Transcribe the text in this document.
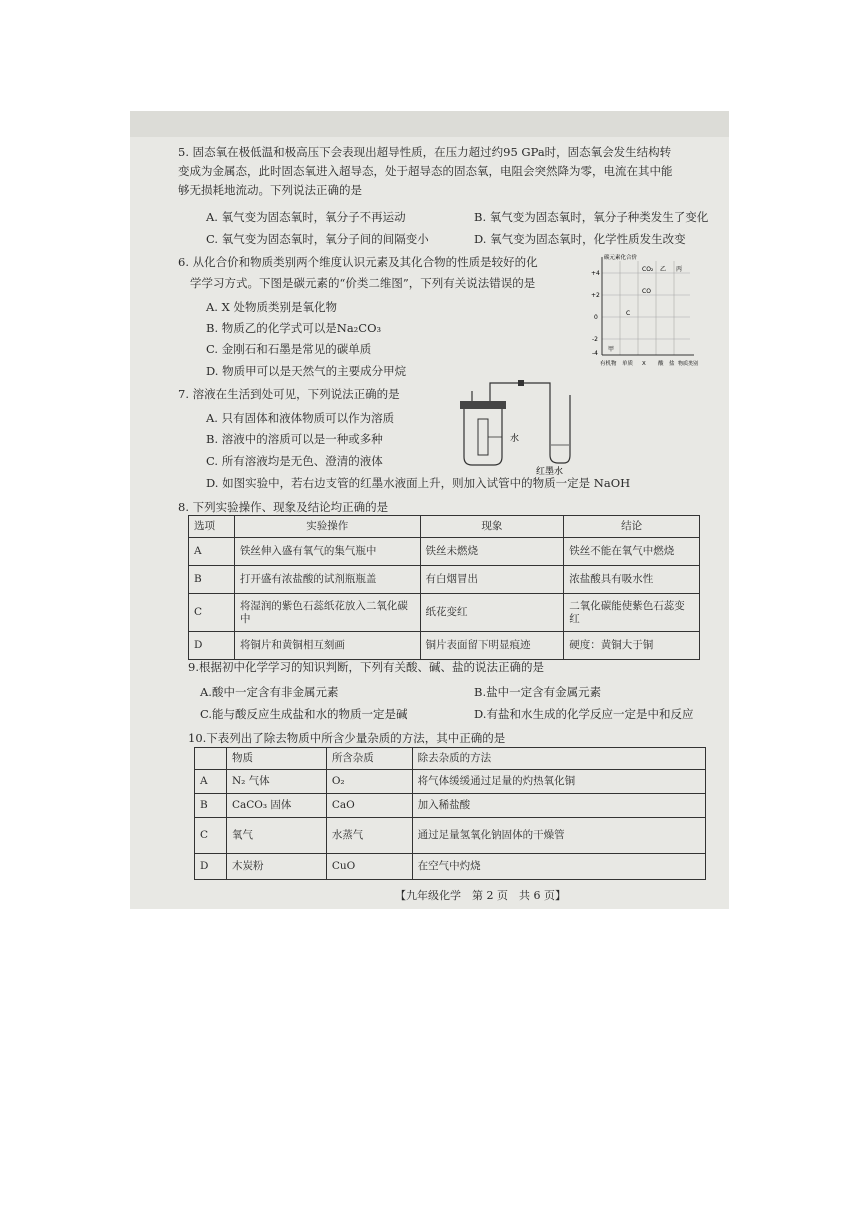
5. 固态氧在极低温和极高压下会表现出超导性质，在压力超过约95 GPa时，固态氧会发生结构转
变成为金属态，此时固态氧进入超导态，处于超导态的固态氧，电阻会突然降为零，电流在其中能
够无损耗地流动。下列说法正确的是
A. 氧气变为固态氧时，氧分子不再运动	B. 氧气变为固态氧时，氧分子种类发生了变化
C. 氧气变为固态氧时，氧分子间的间隔变小	D. 氧气变为固态氧时，化学性质发生改变
6. 从化合价和物质类别两个维度认识元素及其化合物的性质是较好的化
学学习方式。下图是碳元素的“价类二维图”，下列有关说法错误的是
A. X 处物质类别是氧化物
B. 物质乙的化学式可以是Na₂CO₃
C. 金刚石和石墨是常见的碳单质
D. 物质甲可以是天然气的主要成分甲烷
碳元素化合价
+4
+2
0
-2
-4
有机物 单质 X 酸 盐 物质类别
CO₂ 乙 丙
CO
C
甲
7. 溶液在生活到处可见，下列说法正确的是
A. 只有固体和液体物质可以作为溶质
B. 溶液中的溶质可以是一种或多种
C. 所有溶液均是无色、澄清的液体
D. 如图实验中，若右边支管的红墨水液面上升，则加入试管中的物质一定是 NaOH
水
红墨水
8. 下列实验操作、现象及结论均正确的是
选项	实验操作	现象	结论
A	铁丝伸入盛有氧气的集气瓶中	铁丝未燃烧	铁丝不能在氧气中燃烧
B	打开盛有浓盐酸的试剂瓶瓶盖	有白烟冒出	浓盐酸具有吸水性
C	将湿润的紫色石蕊纸花放入二氧化碳中	纸花变红	二氧化碳能使紫色石蕊变红
D	将铜片和黄铜相互刻画	铜片表面留下明显痕迹	硬度：黄铜大于铜
9.根据初中化学学习的知识判断，下列有关酸、碱、盐的说法正确的是
A.酸中一定含有非金属元素	B.盐中一定含有金属元素
C.能与酸反应生成盐和水的物质一定是碱	D.有盐和水生成的化学反应一定是中和反应
10.下表列出了除去物质中所含少量杂质的方法，其中正确的是
	物质	所含杂质	除去杂质的方法
A	N₂ 气体	O₂	将气体缓缓通过足量的灼热氧化铜
B	CaCO₃ 固体	CaO	加入稀盐酸
C	氧气	水蒸气	通过足量氢氧化钠固体的干燥管
D	木炭粉	CuO	在空气中灼烧
【九年级化学　第 2 页　共 6 页】
